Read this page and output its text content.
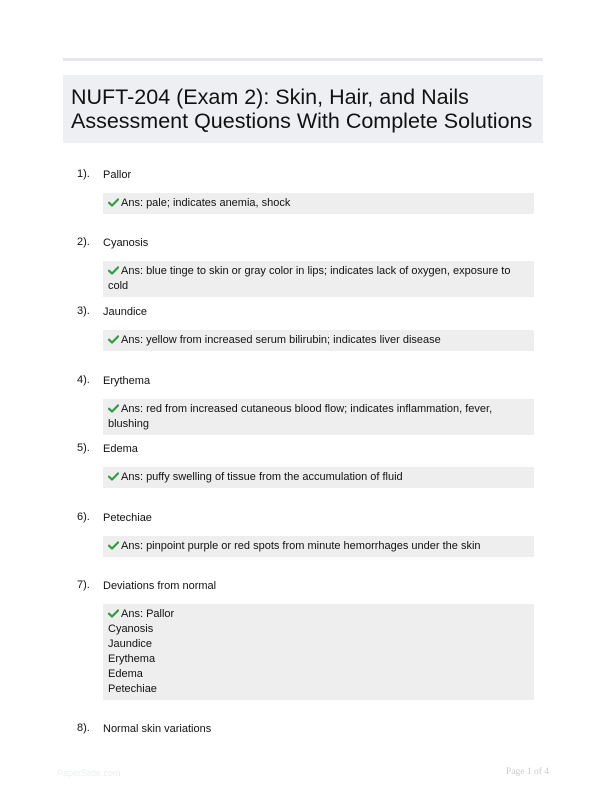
NUFT-204 (Exam 2): Skin, Hair, and Nails Assessment Questions With Complete Solutions
1). Pallor
Ans: pale; indicates anemia, shock
2). Cyanosis
Ans: blue tinge to skin or gray color in lips; indicates lack of oxygen, exposure to cold
3). Jaundice
Ans: yellow from increased serum bilirubin; indicates liver disease
4). Erythema
Ans: red from increased cutaneous blood flow; indicates inflammation, fever, blushing
5). Edema
Ans: puffy swelling of tissue from the accumulation of fluid
6). Petechiae
Ans: pinpoint purple or red spots from minute hemorrhages under the skin
7). Deviations from normal
Ans: Pallor
Cyanosis
Jaundice
Erythema
Edema
Petechiae
8). Normal skin variations
PaperSlide.com	Page 1 of 4
